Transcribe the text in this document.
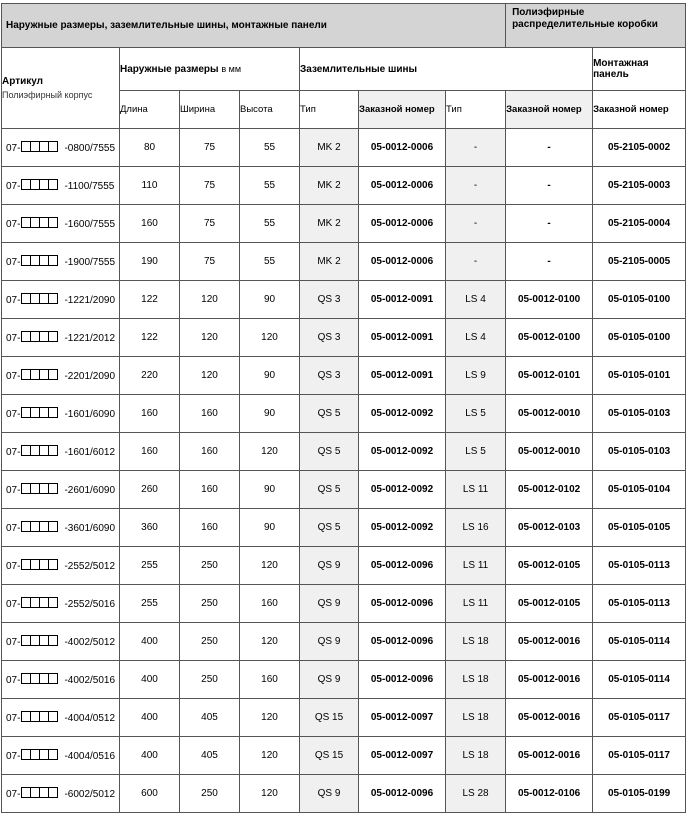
Наружные размеры, заземлительные шины, монтажные панели							Полиэфирные распределительные коробки	
Артикул
Полиэфирный корпус	Наружные размеры в мм			Заземлительные шины				Монтажная панель
	Длина	Ширина	Высота	Тип	Заказной номер	Тип	Заказной номер	Заказной номер
07- -0800/7555	80	75	55	MK 2	05-0012-0006	-	-	05-2105-0002
07- -1100/7555	110	75	55	MK 2	05-0012-0006	-	-	05-2105-0003
07- -1600/7555	160	75	55	MK 2	05-0012-0006	-	-	05-2105-0004
07- -1900/7555	190	75	55	MK 2	05-0012-0006	-	-	05-2105-0005
07- -1221/2090	122	120	90	QS 3	05-0012-0091	LS 4	05-0012-0100	05-0105-0100
07- -1221/2012	122	120	120	QS 3	05-0012-0091	LS 4	05-0012-0100	05-0105-0100
07- -2201/2090	220	120	90	QS 3	05-0012-0091	LS 9	05-0012-0101	05-0105-0101
07- -1601/6090	160	160	90	QS 5	05-0012-0092	LS 5	05-0012-0010	05-0105-0103
07- -1601/6012	160	160	120	QS 5	05-0012-0092	LS 5	05-0012-0010	05-0105-0103
07- -2601/6090	260	160	90	QS 5	05-0012-0092	LS 11	05-0012-0102	05-0105-0104
07- -3601/6090	360	160	90	QS 5	05-0012-0092	LS 16	05-0012-0103	05-0105-0105
07- -2552/5012	255	250	120	QS 9	05-0012-0096	LS 11	05-0012-0105	05-0105-0113
07- -2552/5016	255	250	160	QS 9	05-0012-0096	LS 11	05-0012-0105	05-0105-0113
07- -4002/5012	400	250	120	QS 9	05-0012-0096	LS 18	05-0012-0016	05-0105-0114
07- -4002/5016	400	250	160	QS 9	05-0012-0096	LS 18	05-0012-0016	05-0105-0114
07- -4004/0512	400	405	120	QS 15	05-0012-0097	LS 18	05-0012-0016	05-0105-0117
07- -4004/0516	400	405	120	QS 15	05-0012-0097	LS 18	05-0012-0016	05-0105-0117
07- -6002/5012	600	250	120	QS 9	05-0012-0096	LS 28	05-0012-0106	05-0105-0199
